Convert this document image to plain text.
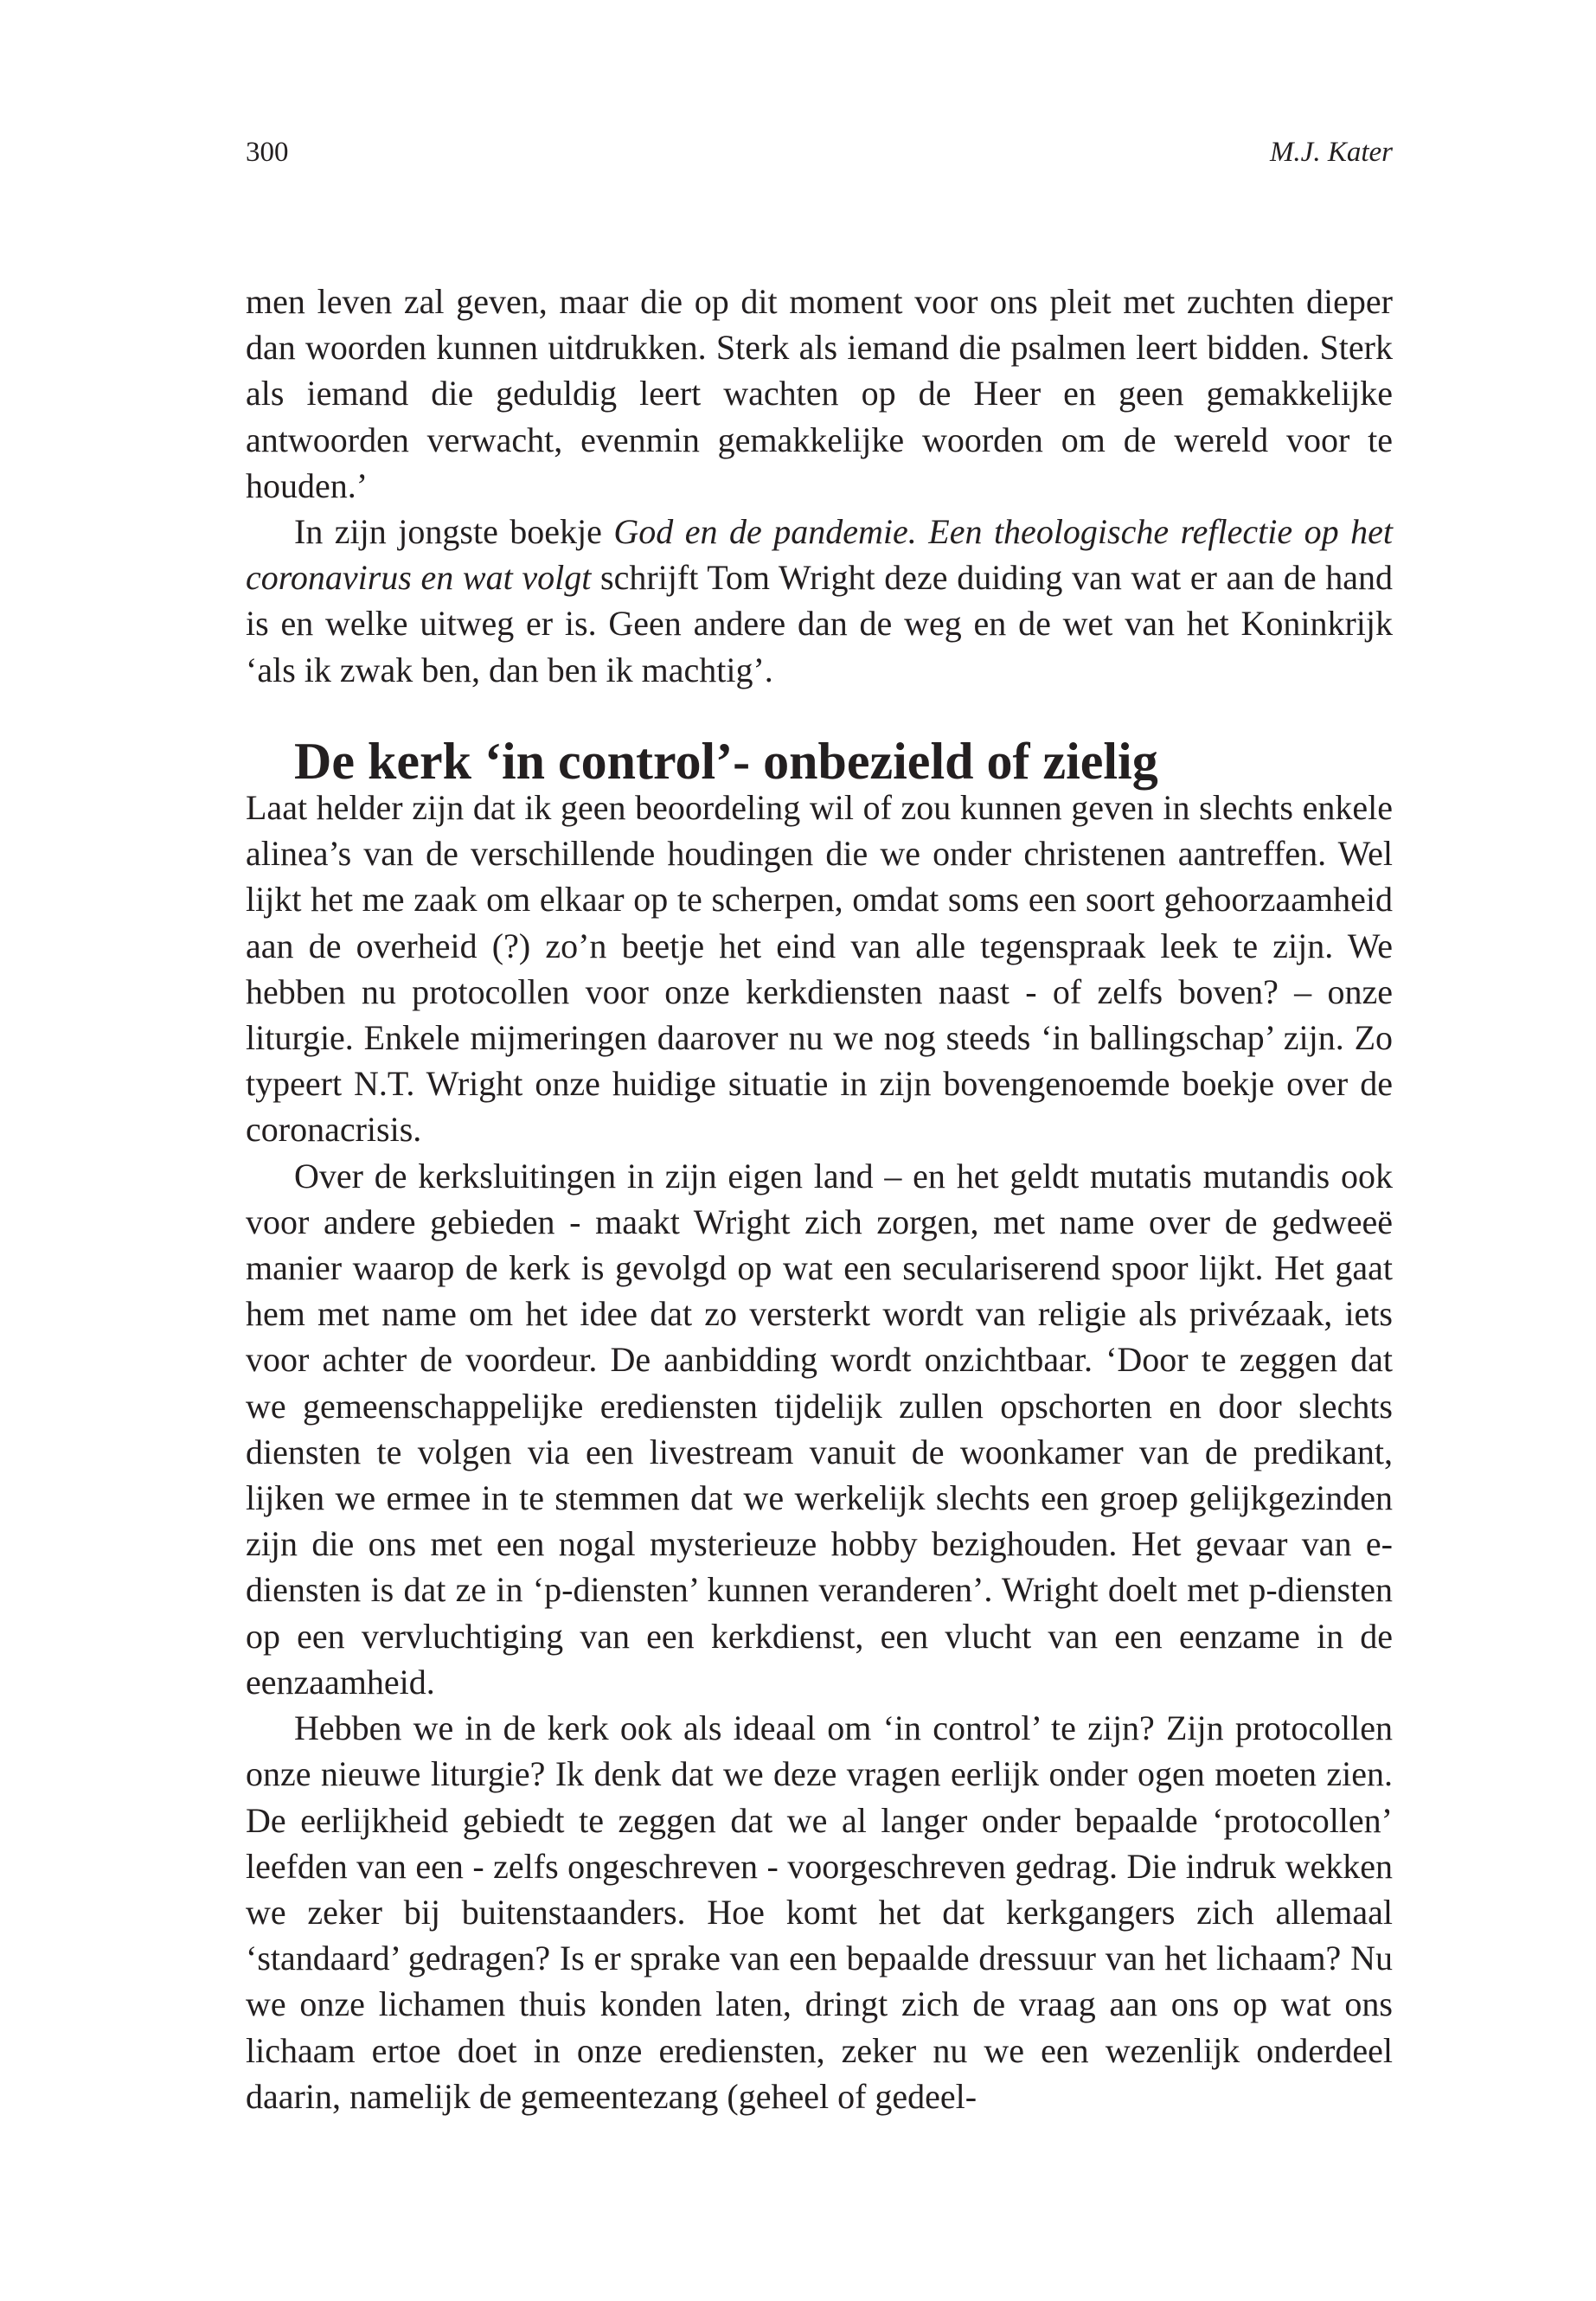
300	M.J. Kater

men leven zal geven, maar die op dit moment voor ons pleit met zuchten dieper dan woorden kunnen uitdrukken. Sterk als iemand die psalmen leert bidden. Sterk als iemand die geduldig leert wachten op de Heer en geen gemakkelijke antwoorden verwacht, evenmin gemakkelijke woorden om de wereld voor te houden.’

In zijn jongste boekje God en de pandemie. Een theologische reflectie op het coronavirus en wat volgt schrijft Tom Wright deze duiding van wat er aan de hand is en welke uitweg er is. Geen andere dan de weg en de wet van het Koninkrijk ‘als ik zwak ben, dan ben ik machtig’.

De kerk ‘in control’- onbezield of zielig

Laat helder zijn dat ik geen beoordeling wil of zou kunnen geven in slechts enkele alinea’s van de verschillende houdingen die we onder christenen aantreffen. Wel lijkt het me zaak om elkaar op te scherpen, omdat soms een soort gehoorzaamheid aan de overheid (?) zo’n beetje het eind van alle tegenspraak leek te zijn. We hebben nu protocollen voor onze kerkdiensten naast - of zelfs boven? – onze liturgie. Enkele mijmeringen daarover nu we nog steeds ‘in ballingschap’ zijn. Zo typeert N.T. Wright onze huidige situatie in zijn bovengenoemde boekje over de coronacrisis.

Over de kerksluitingen in zijn eigen land – en het geldt mutatis mutandis ook voor andere gebieden - maakt Wright zich zorgen, met name over de gedweeë manier waarop de kerk is gevolgd op wat een seculariserend spoor lijkt. Het gaat hem met name om het idee dat zo versterkt wordt van religie als privézaak, iets voor achter de voordeur. De aanbidding wordt onzichtbaar. ‘Door te zeggen dat we gemeenschappelijke erediensten tijdelijk zullen opschorten en door slechts diensten te volgen via een livestream vanuit de woonkamer van de predikant, lijken we ermee in te stemmen dat we werkelijk slechts een groep gelijkgezinden zijn die ons met een nogal mysterieuze hobby bezighouden. Het gevaar van e-diensten is dat ze in ‘p-diensten’ kunnen veranderen’. Wright doelt met p-diensten op een vervluchtiging van een kerkdienst, een vlucht van een eenzame in de eenzaamheid.

Hebben we in de kerk ook als ideaal om ‘in control’ te zijn? Zijn protocollen onze nieuwe liturgie? Ik denk dat we deze vragen eerlijk onder ogen moeten zien. De eerlijkheid gebiedt te zeggen dat we al langer onder bepaalde ‘protocollen’ leefden van een - zelfs ongeschreven - voorgeschreven gedrag. Die indruk wekken we zeker bij buitenstaanders. Hoe komt het dat kerkgangers zich allemaal ‘standaard’ gedragen? Is er sprake van een bepaalde dressuur van het lichaam? Nu we onze lichamen thuis konden laten, dringt zich de vraag aan ons op wat ons lichaam ertoe doet in onze erediensten, zeker nu we een wezenlijk onderdeel daarin, namelijk de gemeentezang (geheel of gedeel-
